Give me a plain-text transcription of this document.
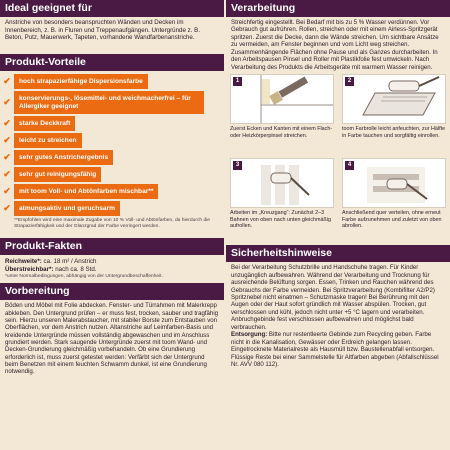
Ideal geeignet für
Anstriche von besonders beanspruchten Wänden und Decken im Innenbereich, z. B. in Fluren und Treppenaufgängen. Untergründe z. B. Beton, Putz, Mauerwerk, Tapeten, vorhandene Wandfarbenanstriche.
Produkt-Vorteile
✔	hoch strapazierfähige Dispersionsfarbe
✔	konservierungs-, lösemittel- und weichmacherfrei – für Allergiker geeignet
✔	starke Deckkraft
✔	leicht zu streichen
✔	sehr gutes Anstrichergebnis
✔	sehr gut reinigungsfähig
✔	mit toom Voll- und Abtönfarben mischbar**
✔	atmungsaktiv und geruchsarm
**Empfohlen wird eine maximale Zugabe von 10 % Voll- und Abtönfarben, da hierdurch die Strapazierfähigkeit und der Glanzgrad der Farbe verringert werden.
Produkt-Fakten
Reichweite*: ca. 18 m² / Anstrich
Überstreichbar*: nach ca. 8 Std.
*unter Normalbedingungen, abhängig von der Untergrundbeschaffenheit.
Vorbereitung
Böden und Möbel mit Folie abdecken. Fenster- und Türrahmen mit Malerkrepp abkleben. Den Untergrund prüfen – er muss fest, trocken, sauber und tragfähig sein. Hierzu unseren Malerabstaucher, mit stabiler Borste zum Entstauben von Oberflächen, vor dem Anstrich nutzen. Altanstriche auf Leimfarben-Basis und kreidende Untergründe müssen vollständig abgewaschen und im Anschluss grundiert werden. Stark saugende Untergründe zuerst mit toom Wand- und Decken-Grundierung gleichmäßig vorbehandeln. Ob eine Grundierung erforderlich ist, muss zuerst getestet werden: Verfärbt sich der Untergrund beim Benetzen mit einem feuchten Schwamm dunkel, ist eine Grundierung notwendig.
Verarbeitung
Streichfertig eingestellt. Bei Bedarf mit bis zu 5 % Wasser verdünnen. Vor Gebrauch gut aufrühren. Rollen, streichen oder mit einem Airless-Spritzgerät spritzen. Zuerst die Decke, dann die Wände streichen. Um sichtbare Ansätze zu vermeiden, am Fenster beginnen und vom Licht weg streichen. Zusammenhängende Flächen ohne Pause und als Ganzes durcharbeiten. In den Arbeitspausen Pinsel und Roller mit Plastikfolie fest umwickeln. Nach Verarbeitung des Produkts die Arbeitsgeräte mit warmem Wasser reinigen.
1
Zuerst Ecken und Kanten mit einem Flach- oder Heizkörperpinsel streichen.
2
toom Farbrolle leicht anfeuchten, zur Hälfte in Farbe tauchen und sorgfältig einrollen.
3
Arbeiten im „Kreuzgang“: Zunächst 2–3 Bahnen von oben nach unten gleichmäßig aufrollen.
4
Anschließend quer verteilen, ohne erneut Farbe aufzunehmen und zuletzt von oben abrollen.
Sicherheitshinweise
Bei der Verarbeitung Schutzbrille und Handschuhe tragen. Für Kinder unzugänglich aufbewahren. Während der Verarbeitung und Trocknung für ausreichende Belüftung sorgen. Essen, Trinken und Rauchen während des Gebrauchs der Farbe vermeiden. Bei Spritzverarbeitung (Kombifilter A2/P2) Spritznebel nicht einatmen – Schutzmaske tragen! Bei Berührung mit den Augen oder der Haut sofort gründlich mit Wasser abspülen. Trocken, gut verschlossen und kühl, jedoch nicht unter +5 °C lagern und verarbeiten. Anbruchgebinde fest verschlossen aufbewahren und möglichst bald verbrauchen.
Entsorgung: Bitte nur restentleerte Gebinde zum Recycling geben. Farbe nicht in die Kanalisation, Gewässer oder Erdreich gelangen lassen. Eingetrocknete Materialreste als Hausmüll bzw. Baustellenabfall entsorgen. Flüssige Reste bei einer Sammelstelle für Altfarben abgeben (Abfallschlüssel Nr. AVV 080 112).
